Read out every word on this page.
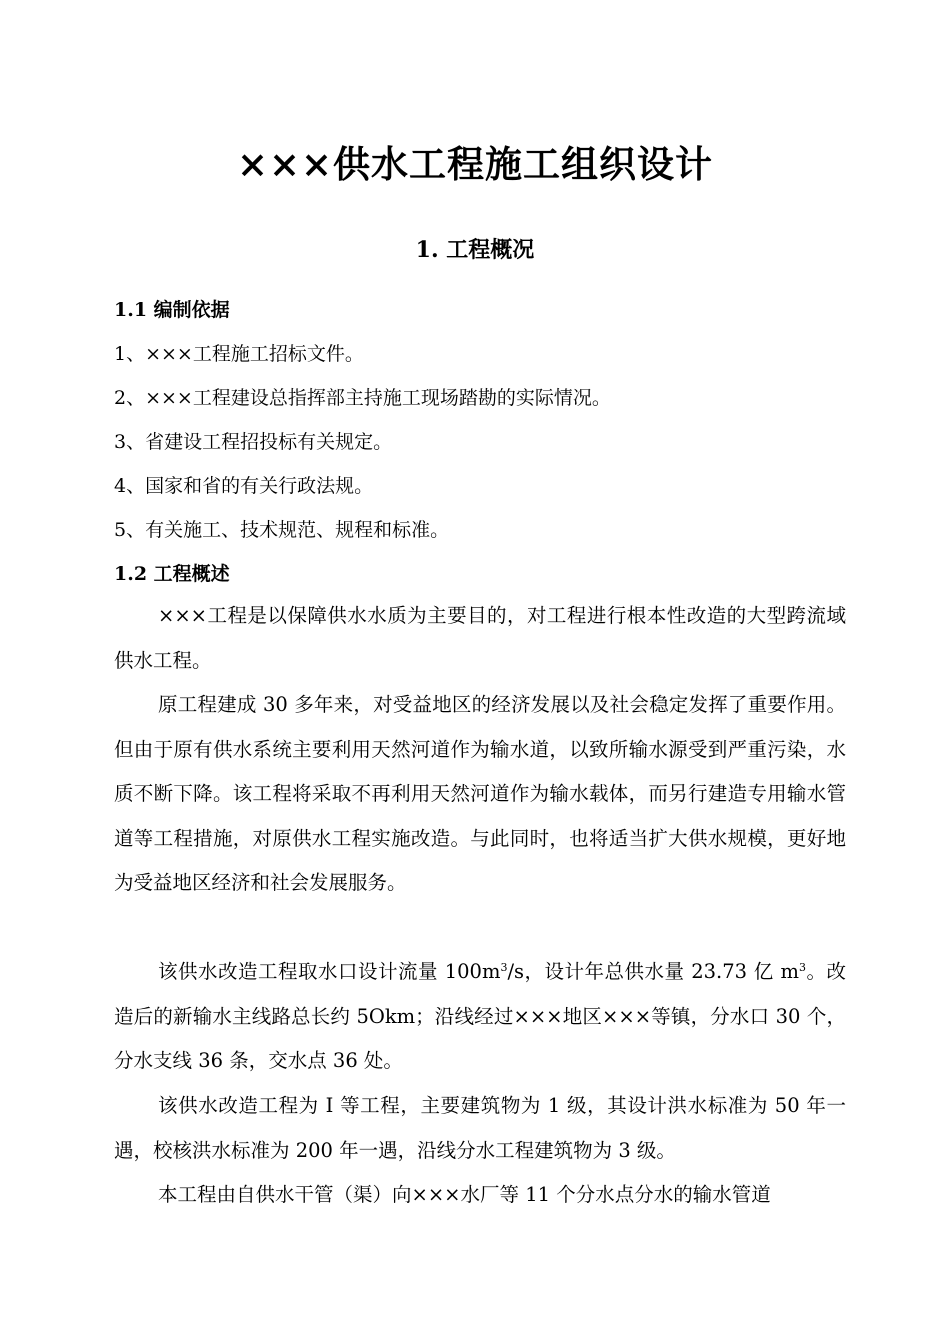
×××供水工程施工组织设计
1. 工程概况
1.1 编制依据
1、×××工程施工招标文件。
2、×××工程建设总指挥部主持施工现场踏勘的实际情况。
3、省建设工程招投标有关规定。
4、国家和省的有关行政法规。
5、有关施工、技术规范、规程和标准。
1.2 工程概述

×××工程是以保障供水水质为主要目的，对工程进行根本性改造的大型跨流域供水工程。

原工程建成 30 多年来，对受益地区的经济发展以及社会稳定发挥了重要作用。但由于原有供水系统主要利用天然河道作为输水道，以致所输水源受到严重污染，水质不断下降。该工程将采取不再利用天然河道作为输水载体，而另行建造专用输水管道等工程措施，对原供水工程实施改造。与此同时，也将适当扩大供水规模，更好地为受益地区经济和社会发展服务。

该供水改造工程取水口设计流量 $100m^3/s$，设计年总供水量 23.73 亿 $m^3$。改造后的新输水主线路总长约 5Okm；沿线经过×××地区×××等镇，分水口 30 个，分水支线 36 条，交水点 36 处。

该供水改造工程为 I 等工程，主要建筑物为 1 级，其设计洪水标准为 50 年一遇，校核洪水标准为 200 年一遇，沿线分水工程建筑物为 3 级。

本工程由自供水干管（渠）向×××水厂等 11 个分水点分水的输水管道
